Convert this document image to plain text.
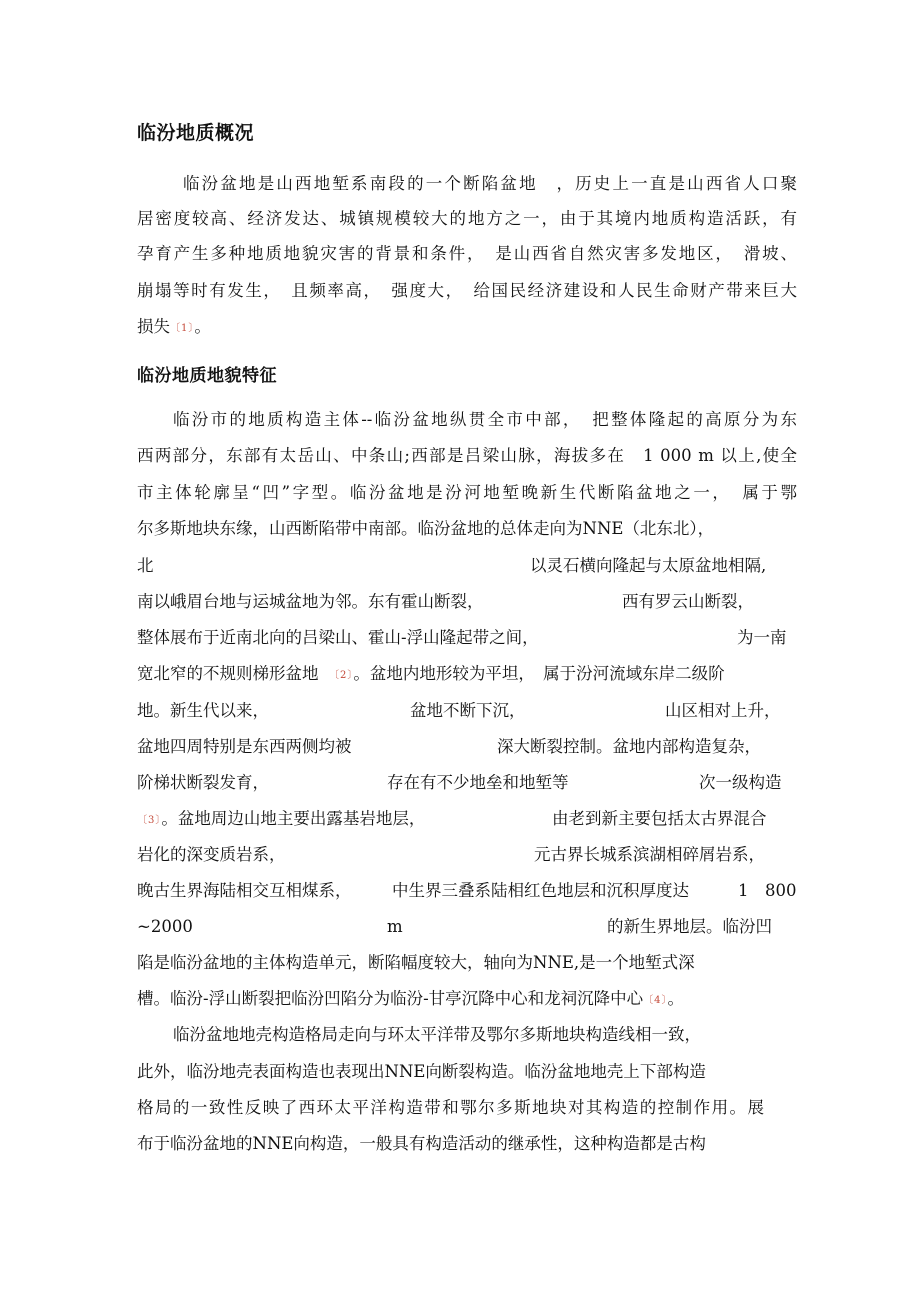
临汾地质概况
临汾盆地是山西地堑系南段的一个断陷盆地　，历史上一直是山西省人口聚
居密度较高、经济发达、城镇规模较大的地方之一，由于其境内地质构造活跃，有
孕育产生多种地质地貌灾害的背景和条件，　是山西省自然灾害多发地区，　滑坡、
崩塌等时有发生，　且频率高，　强度大，　给国民经济建设和人民生命财产带来巨大
损失〔1〕。
临汾地质地貌特征
临汾市的地质构造主体--临汾盆地纵贯全市中部，　把整体隆起的高原分为东
西两部分，东部有太岳山、中条山;西部是吕梁山脉，海拔多在　1 000 m 以上,使全
市主体轮廓呈“凹”字型。临汾盆地是汾河地堑晚新生代断陷盆地之一，　属于鄂
尔多斯地块东缘，山西断陷带中南部。临汾盆地的总体走向为NNE（北东北），
北	以灵石横向隆起与太原盆地相隔,
南以峨眉台地与运城盆地为邻。东有霍山断裂，	西有罗云山断裂，
整体展布于近南北向的吕梁山、霍山-浮山隆起带之间，	为一南
宽北窄的不规则梯形盆地 〔2〕。盆地内地形较为平坦，　属于汾河流域东岸二级阶
地。新生代以来，	盆地不断下沉，	山区相对上升，
盆地四周特别是东西两侧均被	深大断裂控制。盆地内部构造复杂，
阶梯状断裂发育，	存在有不少地垒和地堑等	次一级构造
〔3〕。盆地周边山地主要出露基岩地层，	由老到新主要包括太古界混合
岩化的深变质岩系，	元古界长城系滨湖相碎屑岩系，
晚古生界海陆相交互相煤系， 中生界三叠系陆相红色地层和沉积厚度达	1　800
~2000	m	的新生界地层。临汾凹
陷是临汾盆地的主体构造单元，断陷幅度较大，轴向为NNE,是一个地堑式深
槽。临汾-浮山断裂把临汾凹陷分为临汾-甘亭沉降中心和龙祠沉降中心〔4〕。
临汾盆地地壳构造格局走向与环太平洋带及鄂尔多斯地块构造线相一致，
此外，临汾地壳表面构造也表现出NNE向断裂构造。临汾盆地地壳上下部构造
格局的一致性反映了西环太平洋构造带和鄂尔多斯地块对其构造的控制作用。展
布于临汾盆地的NNE向构造，一般具有构造活动的继承性，这种构造都是古构
